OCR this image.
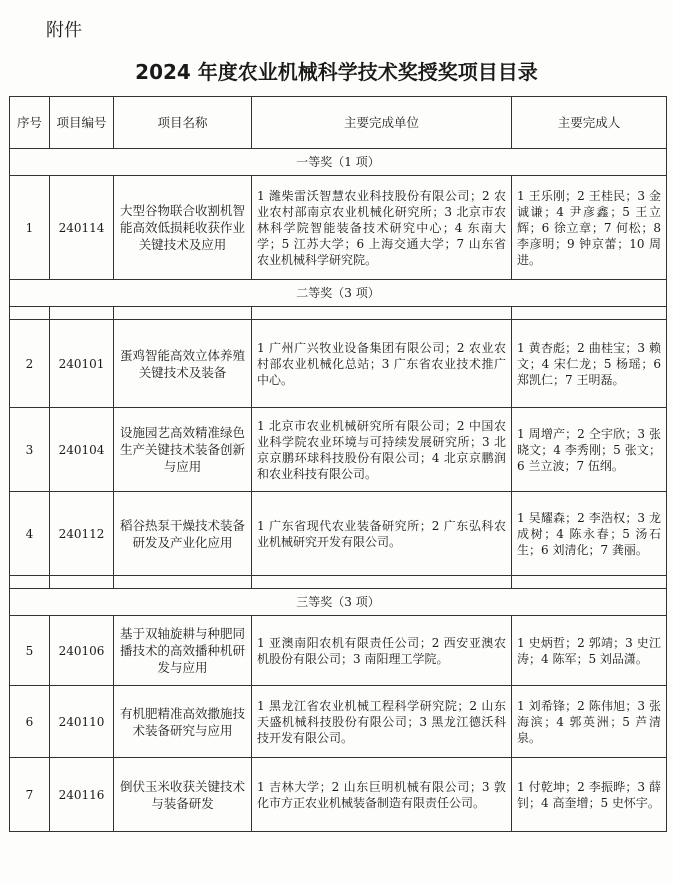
附件
2024 年度农业机械科学技术奖授奖项目目录
序号	项目编号	项目名称	主要完成单位	主要完成人
一等奖（1 项）				
1	240114	大型谷物联合收割机智能高效低损耗收获作业关键技术及应用	1 潍柴雷沃智慧农业科技股份有限公司；2 农业农村部南京农业机械化研究所；3 北京市农林科学院智能装备技术研究中心；4 东南大学；5 江苏大学；6 上海交通大学；7 山东省农业机械科学研究院。	1 王乐刚；2 王桂民；3 金诚谦；4 尹彦鑫；5 王立辉；6 徐立章；7 何松；8 李彦明；9 钟京蕾；10 周进。
二等奖（3 项）				

2	240101	蛋鸡智能高效立体养殖关键技术及装备	1 广州广兴牧业设备集团有限公司；2 农业农村部农业机械化总站；3 广东省农业技术推广中心。	1 黄杏彪；2 曲桂宝；3 赖文；4 宋仁龙；5 杨瑶；6 郑凯仁；7 王明磊。
3	240104	设施园艺高效精准绿色生产关键技术装备创新与应用	1 北京市农业机械研究所有限公司；2 中国农业科学院农业环境与可持续发展研究所；3 北京京鹏环球科技股份有限公司；4 北京京鹏润和农业科技有限公司。	1 周增产；2 仝宇欣；3 张晓文；4 李秀刚；5 张文；6 兰立波；7 伍纲。
4	240112	稻谷热泵干燥技术装备研发及产业化应用	1 广东省现代农业装备研究所；2 广东弘科农业机械研究开发有限公司。	1 吴耀森；2 李浩权；3 龙成树；4 陈永春；5 汤石生；6 刘清化；7 龚丽。

三等奖（3 项）				
5	240106	基于双轴旋耕与种肥同播技术的高效播种机研发与应用	1 亚澳南阳农机有限责任公司；2 西安亚澳农机股份有限公司；3 南阳理工学院。	1 史炳哲；2 郭靖；3 史江涛；4 陈军；5 刘品潇。
6	240110	有机肥精准高效撒施技术装备研究与应用	1 黑龙江省农业机械工程科学研究院；2 山东天盛机械科技股份有限公司；3 黑龙江德沃科技开发有限公司。	1 刘希锋；2 陈伟旭；3 张海滨；4 郭英洲；5 芦清泉。
7	240116	倒伏玉米收获关键技术与装备研发	1 吉林大学；2 山东巨明机械有限公司；3 敦化市方正农业机械装备制造有限责任公司。	1 付乾坤；2 李振晔；3 薛钊；4 高奎增；5 史怀宇。
